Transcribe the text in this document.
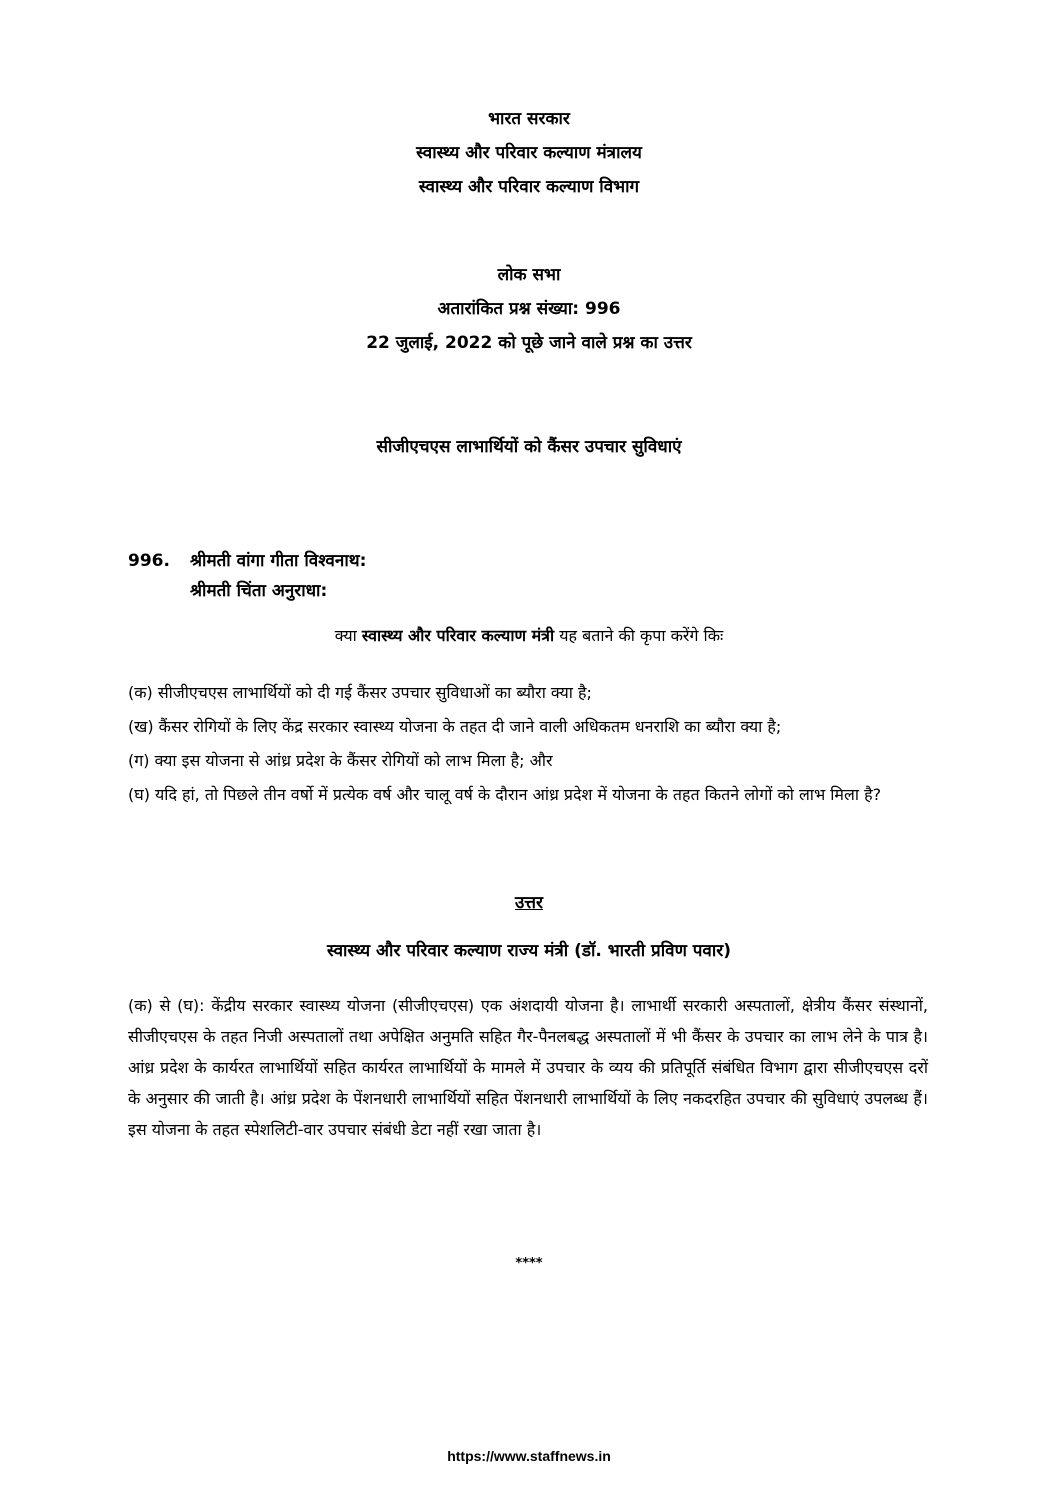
भारत सरकार
स्वास्थ्य और परिवार कल्याण मंत्रालय
स्वास्थ्य और परिवार कल्याण विभाग
लोक सभा
अतारांकित प्रश्न संख्या: 996
22 जुलाई, 2022 को पूछे जाने वाले प्रश्न का उत्तर
सीजीएचएस लाभार्थियों को कैंसर उपचार सुविधाएं
996. श्रीमती वांगा गीता विश्वनाथ:
श्रीमती चिंता अनुराधा:
क्या स्वास्थ्य और परिवार कल्याण मंत्री यह बताने की कृपा करेंगे किः
(क) सीजीएचएस लाभार्थियों को दी गई कैंसर उपचार सुविधाओं का ब्यौरा क्या है;
(ख) कैंसर रोगियों के लिए केंद्र सरकार स्वास्थ्य योजना के तहत दी जाने वाली अधिकतम धनराशि का ब्यौरा क्या है;
(ग) क्या इस योजना से आंध्र प्रदेश के कैंसर रोगियों को लाभ मिला है; और
(घ) यदि हां, तो पिछले तीन वर्षो में प्रत्येक वर्ष और चालू वर्ष के दौरान आंध्र प्रदेश में योजना के तहत कितने लोगों को लाभ मिला है?
उत्तर
स्वास्थ्य और परिवार कल्याण राज्य मंत्री (डॉ. भारती प्रविण पवार)
(क) से (घ): केंद्रीय सरकार स्वास्थ्य योजना (सीजीएचएस) एक अंशदायी योजना है। लाभार्थी सरकारी अस्पतालों, क्षेत्रीय कैंसर संस्थानों, सीजीएचएस के तहत निजी अस्पतालों तथा अपेक्षित अनुमति सहित गैर-पैनलबद्ध अस्पतालों में भी कैंसर के उपचार का लाभ लेने के पात्र है। आंध्र प्रदेश के कार्यरत लाभार्थियों सहित कार्यरत लाभार्थियों के मामले में उपचार के व्यय की प्रतिपूर्ति संबंधित विभाग द्वारा सीजीएचएस दरों के अनुसार की जाती है। आंध्र प्रदेश के पेंशनधारी लाभार्थियों सहित पेंशनधारी लाभार्थियों के लिए नकदरहित उपचार की सुविधाएं उपलब्ध हैं। इस योजना के तहत स्पेशलिटी-वार उपचार संबंधी डेटा नहीं रखा जाता है।
****
https://www.staffnews.in
